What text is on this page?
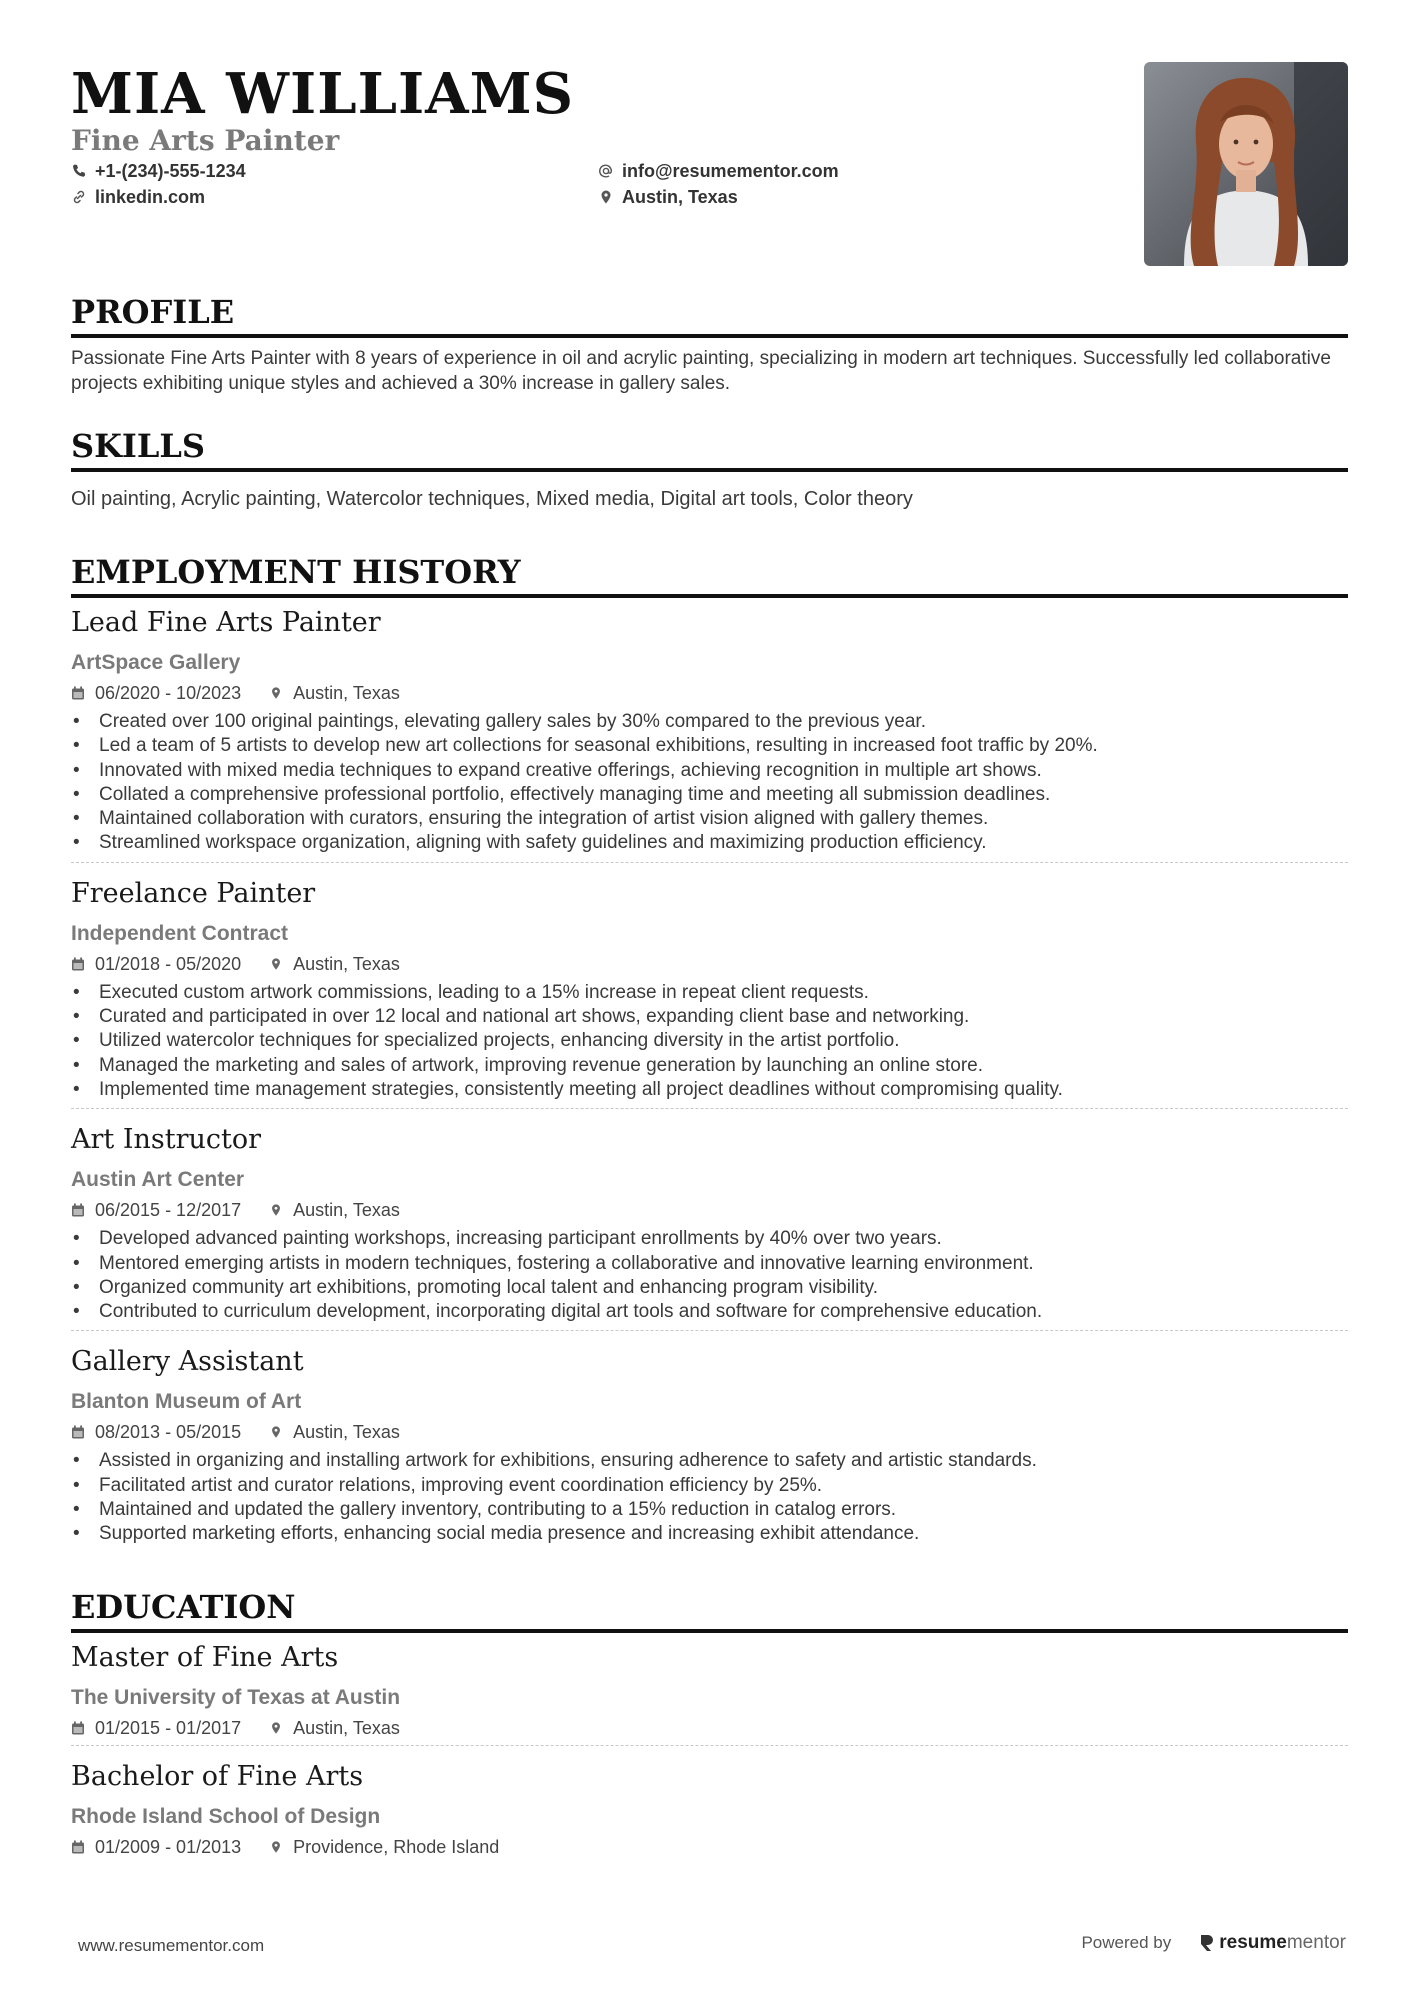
MIA WILLIAMS
Fine Arts Painter
+1-(234)-555-1234
linkedin.com
info@resumementor.com
Austin, Texas
PROFILE

Passionate Fine Arts Painter with 8 years of experience in oil and acrylic painting, specializing in modern art techniques. Successfully led collaborative projects exhibiting unique styles and achieved a 30% increase in gallery sales.

SKILLS

Oil painting, Acrylic painting, Watercolor techniques, Mixed media, Digital art tools, Color theory

EMPLOYMENT HISTORY
Lead Fine Arts Painter
ArtSpace Gallery
06/2020 - 10/2023	Austin, Texas
• Created over 100 original paintings, elevating gallery sales by 30% compared to the previous year.
• Led a team of 5 artists to develop new art collections for seasonal exhibitions, resulting in increased foot traffic by 20%.
• Innovated with mixed media techniques to expand creative offerings, achieving recognition in multiple art shows.
• Collated a comprehensive professional portfolio, effectively managing time and meeting all submission deadlines.
• Maintained collaboration with curators, ensuring the integration of artist vision aligned with gallery themes.
• Streamlined workspace organization, aligning with safety guidelines and maximizing production efficiency.
Freelance Painter
Independent Contract
01/2018 - 05/2020	Austin, Texas
• Executed custom artwork commissions, leading to a 15% increase in repeat client requests.
• Curated and participated in over 12 local and national art shows, expanding client base and networking.
• Utilized watercolor techniques for specialized projects, enhancing diversity in the artist portfolio.
• Managed the marketing and sales of artwork, improving revenue generation by launching an online store.
• Implemented time management strategies, consistently meeting all project deadlines without compromising quality.
Art Instructor
Austin Art Center
06/2015 - 12/2017	Austin, Texas
• Developed advanced painting workshops, increasing participant enrollments by 40% over two years.
• Mentored emerging artists in modern techniques, fostering a collaborative and innovative learning environment.
• Organized community art exhibitions, promoting local talent and enhancing program visibility.
• Contributed to curriculum development, incorporating digital art tools and software for comprehensive education.
Gallery Assistant
Blanton Museum of Art
08/2013 - 05/2015	Austin, Texas
• Assisted in organizing and installing artwork for exhibitions, ensuring adherence to safety and artistic standards.
• Facilitated artist and curator relations, improving event coordination efficiency by 25%.
• Maintained and updated the gallery inventory, contributing to a 15% reduction in catalog errors.
• Supported marketing efforts, enhancing social media presence and increasing exhibit attendance.
EDUCATION
Master of Fine Arts
The University of Texas at Austin
01/2015 - 01/2017	Austin, Texas
Bachelor of Fine Arts
Rhode Island School of Design
01/2009 - 01/2013	Providence, Rhode Island
www.resumementor.com	Powered by	resume mentor
